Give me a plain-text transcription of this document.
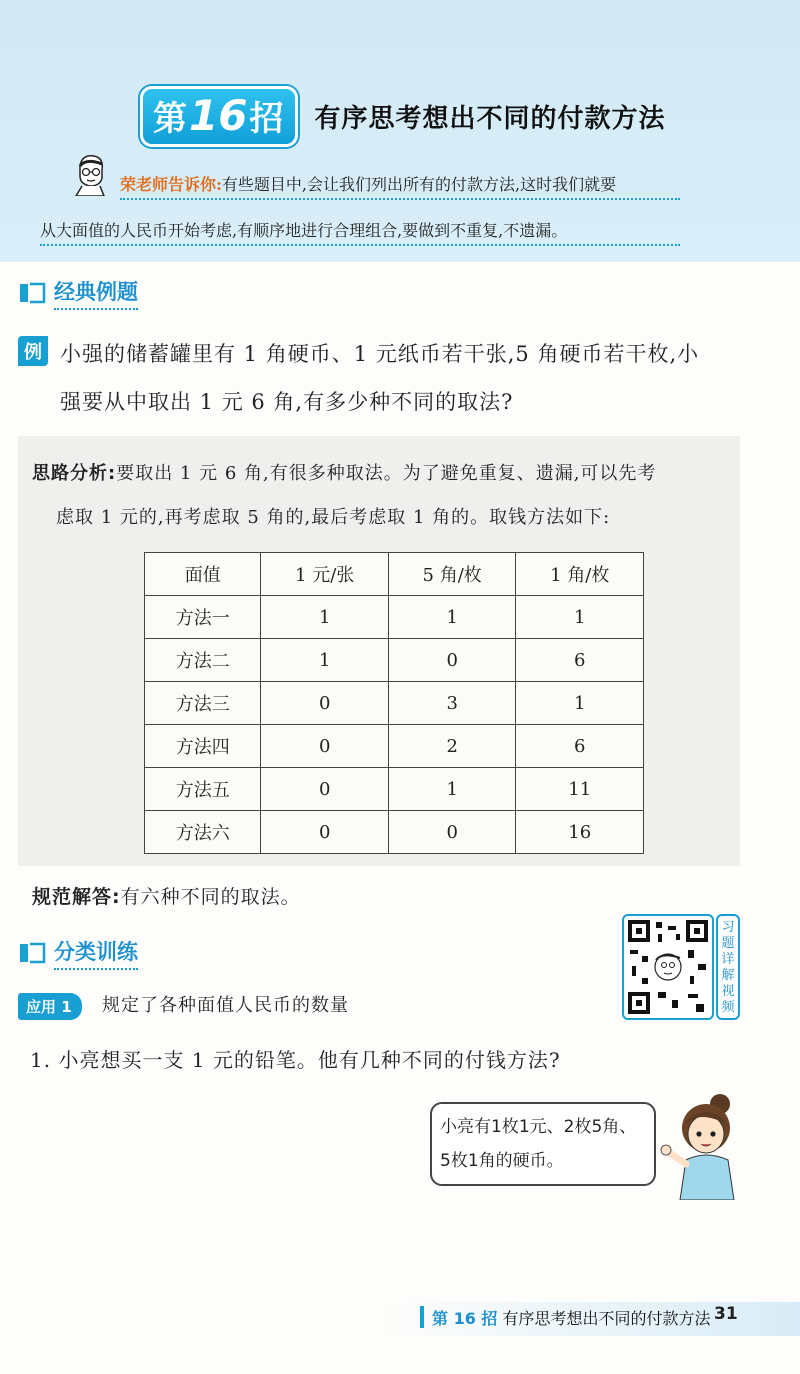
第 16 招 有序思考想出不同的付款方法
荣老师告诉你:有些题目中,会让我们列出所有的付款方法,这时我们就要
从大面值的人民币开始考虑,有顺序地进行合理组合,要做到不重复,不遗漏。
经典例题
例 小强的储蓄罐里有 1 角硬币、1 元纸币若干张,5 角硬币若干枚,小
强要从中取出 1 元 6 角,有多少种不同的取法?
思路分析:要取出 1 元 6 角,有很多种取法。为了避免重复、遗漏,可以先考
虑取 1 元的,再考虑取 5 角的,最后考虑取 1 角的。取钱方法如下:
面值	1 元/张	5 角/枚	1 角/枚
方法一	1	1	1
方法二	1	0	6
方法三	0	3	1
方法四	0	2	6
方法五	0	1	11
方法六	0	0	16
规范解答:有六种不同的取法。
分类训练
习
题
详
解
视
频
应用 1	规定了各种面值人民币的数量
1. 小亮想买一支 1 元的铅笔。他有几种不同的付钱方法?
小亮有1枚1元、2枚5角、
5枚1角的硬币。
第 16 招 有序思考想出不同的付款方法 31
